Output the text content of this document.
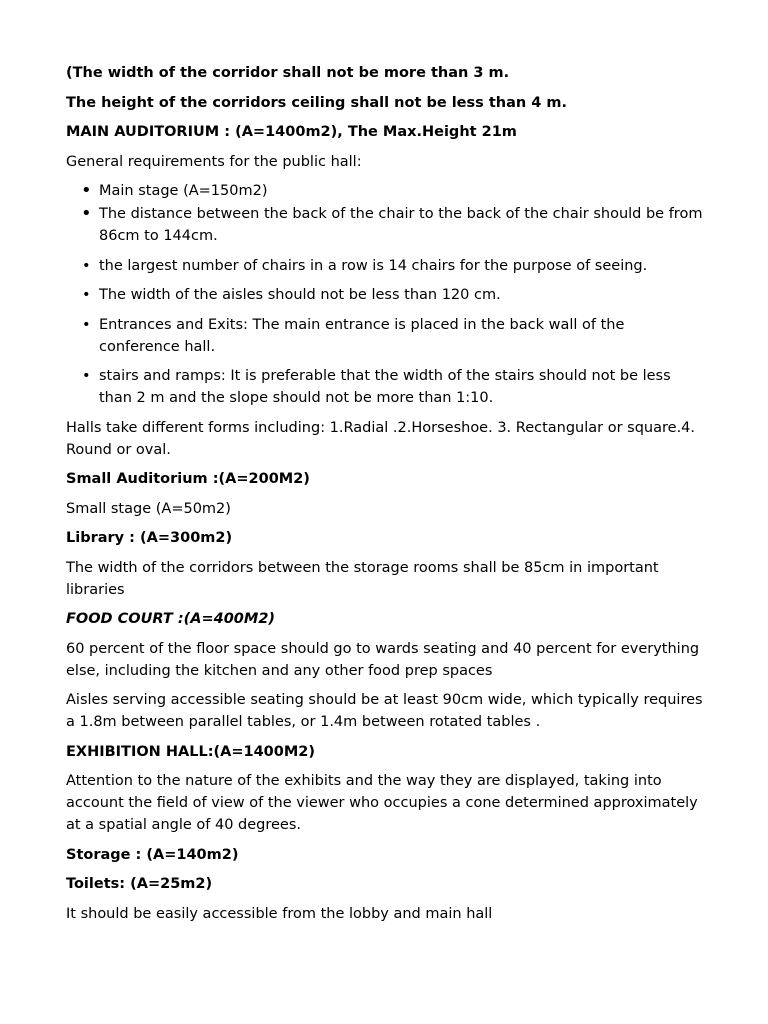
(The width of the corridor shall not be more than 3 m.

The height of the corridors ceiling shall not be less than 4 m.

MAIN AUDITORIUM : (A=1400m2), The Max.Height 21m

General requirements for the public hall:

• Main stage (A=150m2)
• The distance between the back of the chair to the back of the chair should be from 86cm to 144cm.
• the largest number of chairs in a row is 14 chairs for the purpose of seeing.
• The width of the aisles should not be less than 120 cm.
• Entrances and Exits: The main entrance is placed in the back wall of the conference hall.
• stairs and ramps: It is preferable that the width of the stairs should not be less than 2 m and the slope should not be more than 1:10.

Halls take different forms including: 1.Radial .2.Horseshoe. 3. Rectangular or square.4. Round or oval.

Small Auditorium :(A=200M2)

Small stage (A=50m2)

Library : (A=300m2)

The width of the corridors between the storage rooms shall be 85cm in important libraries

FOOD COURT :(A=400M2)

60 percent of the floor space should go to wards seating and 40 percent for everything else, including the kitchen and any other food prep spaces

Aisles serving accessible seating should be at least 90cm wide, which typically requires a 1.8m between parallel tables, or 1.4m between rotated tables .

EXHIBITION HALL:(A=1400M2)

Attention to the nature of the exhibits and the way they are displayed, taking into account the field of view of the viewer who occupies a cone determined approximately at a spatial angle of 40 degrees.

Storage : (A=140m2)

Toilets: (A=25m2)

It should be easily accessible from the lobby and main hall
